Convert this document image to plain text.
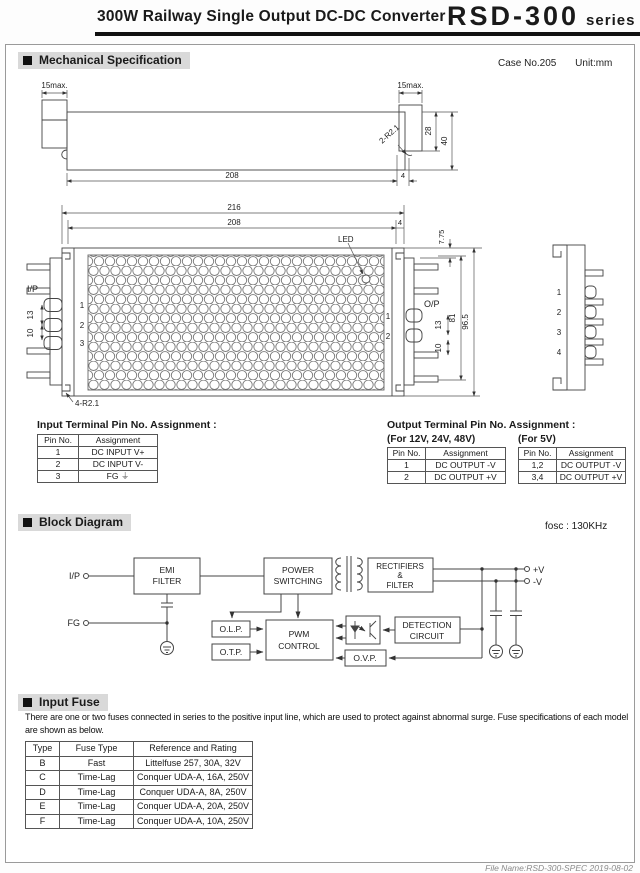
300W Railway Single Output DC-DC Converter RSD-300 series
Mechanical Specification	Case No.205 Unit:mm
Block Diagram	fosc : 130KHz
Input Fuse
15max.	15max.
28
40
2-R2.1
208	4
216
208	4
LED	7.75
I/P
O/P
1
2
3
1
2
13
10
13
10
81 96.5
4-R2.1
1
2
3
4
I/P
FG
EMI
FILTER
POWER
SWITCHING
RECTIFIERS
&
FILTER
O.L.P.
O.T.P.
PWM
CONTROL
DETECTION
CIRCUIT
O.V.P.
+V
-V
Input Terminal Pin No. Assignment :
Pin No.	Assignment
1	DC INPUT V+
2	DC INPUT V-
3	FG ⏚
Output Terminal Pin No. Assignment :
(For 12V, 24V, 48V)
Pin No.	Assignment
1	DC OUTPUT -V
2	DC OUTPUT +V
(For 5V)
Pin No.	Assignment
1,2	DC OUTPUT -V
3,4	DC OUTPUT +V
There are one or two fuses connected in series to the positive input line, which are used to protect against abnormal surge. Fuse specifications of each model are shown as below.
Type	Fuse Type	Reference and Rating
B	Fast	Littelfuse 257, 30A, 32V
C	Time-Lag	Conquer UDA-A, 16A, 250V
D	Time-Lag	Conquer UDA-A, 8A, 250V
E	Time-Lag	Conquer UDA-A, 20A, 250V
F	Time-Lag	Conquer UDA-A, 10A, 250V
File Name:RSD-300-SPEC 2019-08-02
